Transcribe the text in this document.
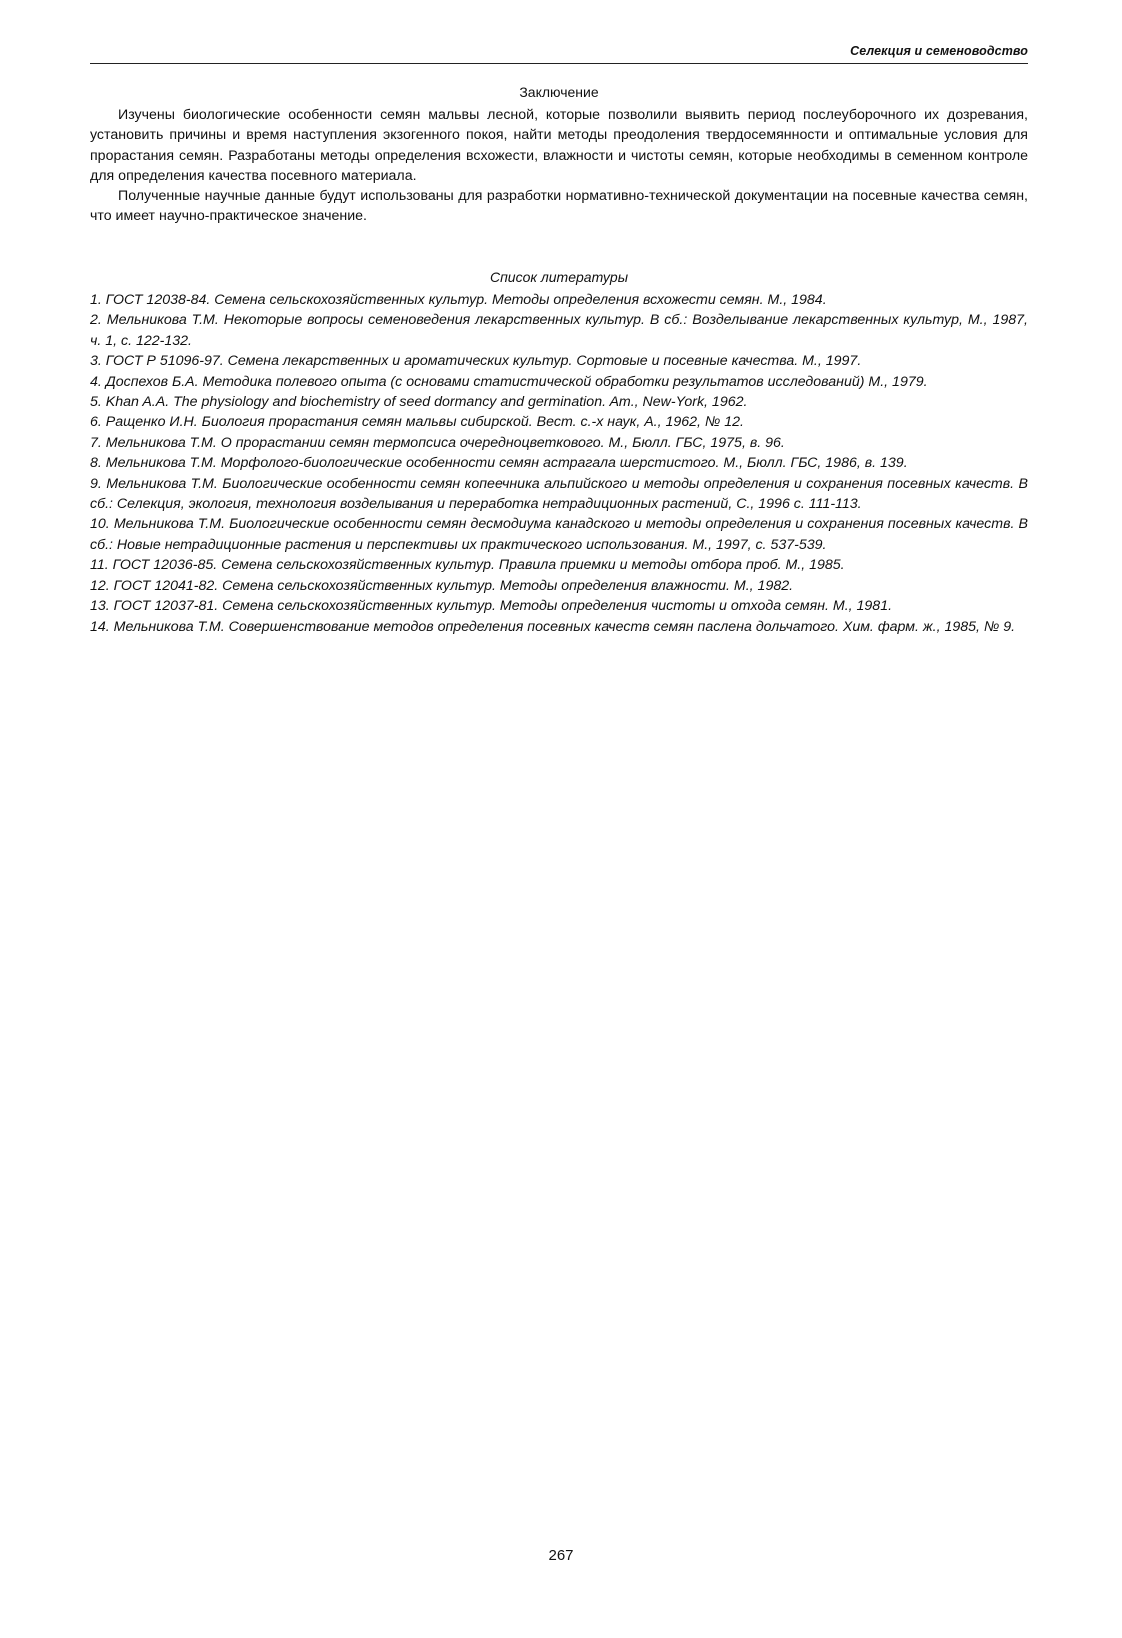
Селекция и семеноводство
Заключение

Изучены биологические особенности семян мальвы лесной, которые позволили выявить период послеуборочного их дозревания, установить причины и время наступления экзогенного покоя, найти методы преодоления твердосемянности и оптимальные условия для прорастания семян. Разработаны методы определения всхожести, влажности и чистоты семян, которые необходимы в семенном контроле для определения качества посевного материала.

Полученные научные данные будут использованы для разработки нормативно-технической документации на посевные качества семян, что имеет научно-практическое значение.

Список литературы

1. ГОСТ 12038-84. Семена сельскохозяйственных культур. Методы определения всхожести семян. М., 1984.

2. Мельникова Т.М. Некоторые вопросы семеноведения лекарственных культур. В сб.: Возделывание лекарственных культур, М., 1987, ч. 1, с. 122-132.

3. ГОСТ Р 51096-97. Семена лекарственных и ароматических культур. Сортовые и посевные качества. М., 1997.

4. Доспехов Б.А. Методика полевого опыта (с основами статистической обработки результатов исследований) М., 1979.

5. Khan A.A. The physiology and biochemistry of seed dormancy and germination. Am., New-York, 1962.

6. Ращенко И.Н. Биология прорастания семян мальвы сибирской. Вест. с.-х наук, А., 1962, № 12.

7. Мельникова Т.М. О прорастании семян термопсиса очередноцветкового. М., Бюлл. ГБС, 1975, в. 96.

8. Мельникова Т.М. Морфолого-биологические особенности семян астрагала шерстистого. М., Бюлл. ГБС, 1986, в. 139.

9. Мельникова Т.М. Биологические особенности семян копеечника альпийского и методы определения и сохранения посевных качеств. В сб.: Селекция, экология, технология возделывания и переработка нетрадиционных растений, С., 1996 с. 111-113.

10. Мельникова Т.М. Биологические особенности семян десмодиума канадского и методы определения и сохранения посевных качеств. В сб.: Новые нетрадиционные растения и перспективы их практического использования. М., 1997, с. 537-539.

11. ГОСТ 12036-85. Семена сельскохозяйственных культур. Правила приемки и методы отбора проб. М., 1985.

12. ГОСТ 12041-82. Семена сельскохозяйственных культур. Методы определения влажности. М., 1982.

13. ГОСТ 12037-81. Семена сельскохозяйственных культур. Методы определения чистоты и отхода семян. М., 1981.

14. Мельникова Т.М. Совершенствование методов определения посевных качеств семян паслена дольчатого. Хим. фарм. ж., 1985, № 9.

267
